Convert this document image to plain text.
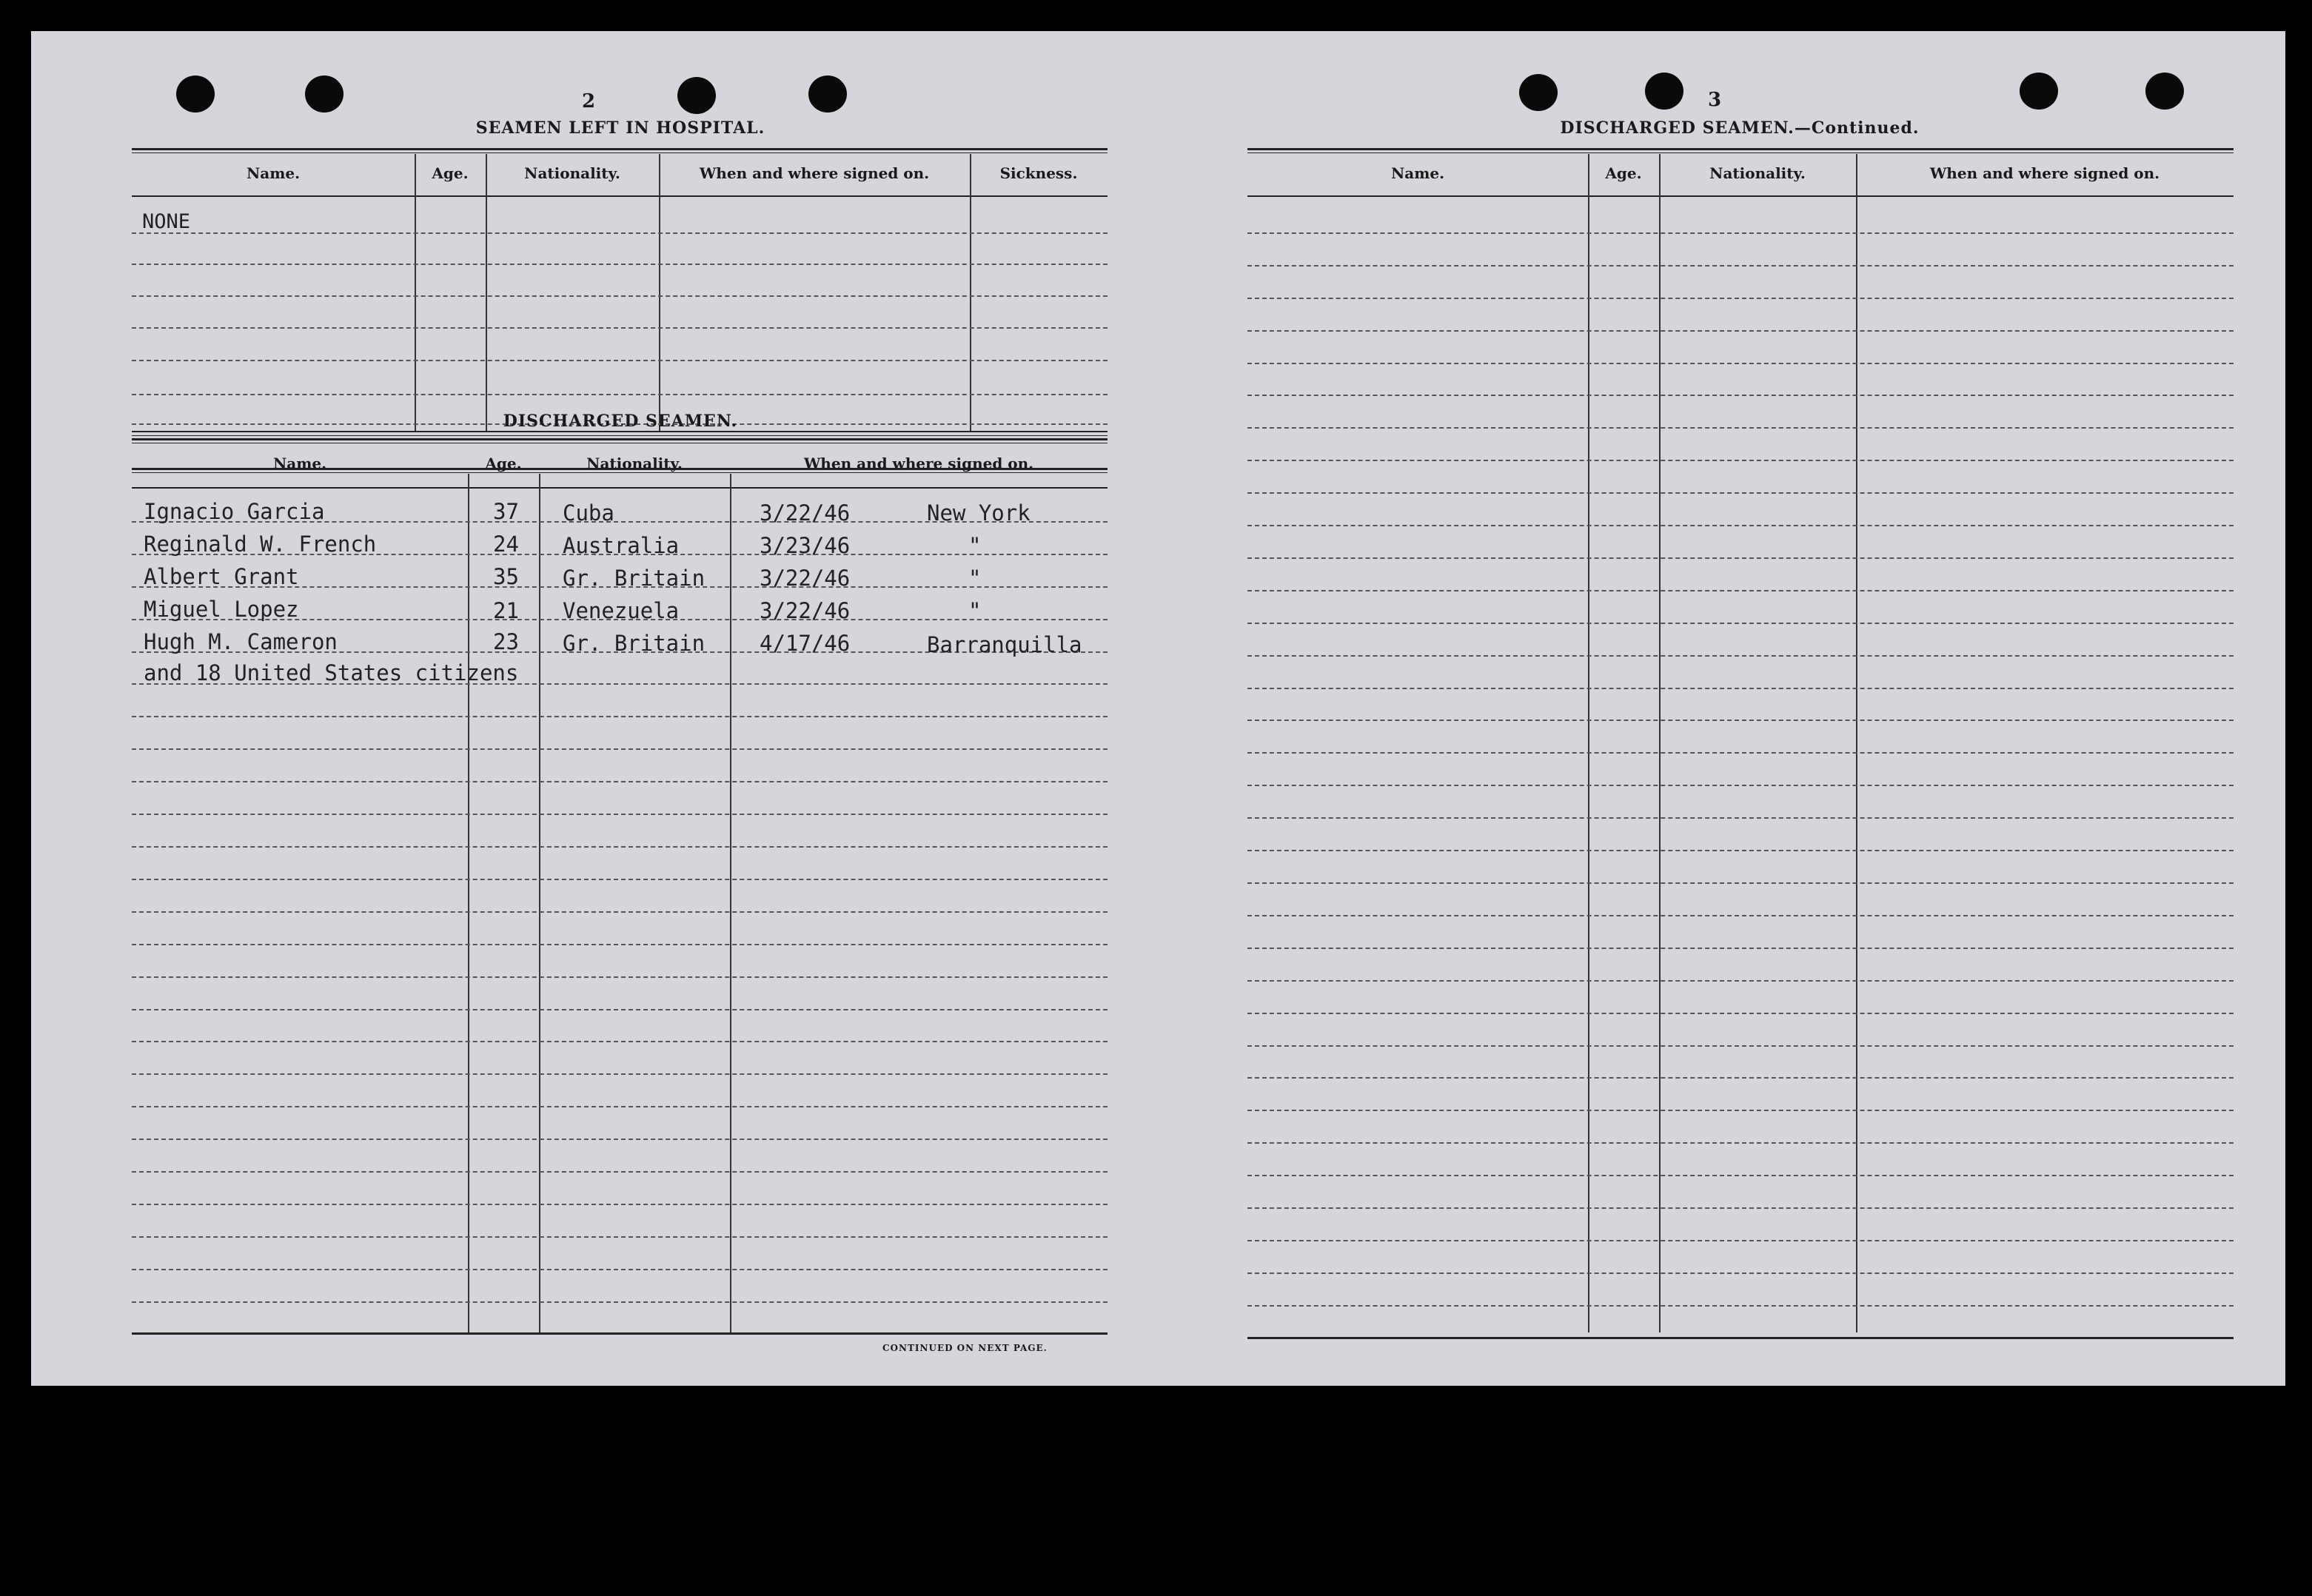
2
SEAMEN LEFT IN HOSPITAL.
Name.	Age.	Nationality.	When and where signed on.	Sickness.
NONE
DISCHARGED SEAMEN.
Name.	Age.	Nationality.	When and where signed on.
Ignacio Garcia	37 Cuba	3/22/46	New York
Reginald W. French	24 Australia	3/23/46	"
Albert Grant	35 Gr. Britain	3/22/46	"
Miguel Lopez	21 Venezuela	3/22/46	"
Hugh M. Cameron	23 Gr. Britain	4/17/46	Barranquilla
and 18 United States citizens
CONTINUED ON NEXT PAGE.
3
DISCHARGED SEAMEN.—Continued.
Name.	Age.	Nationality.	When and where signed on.
